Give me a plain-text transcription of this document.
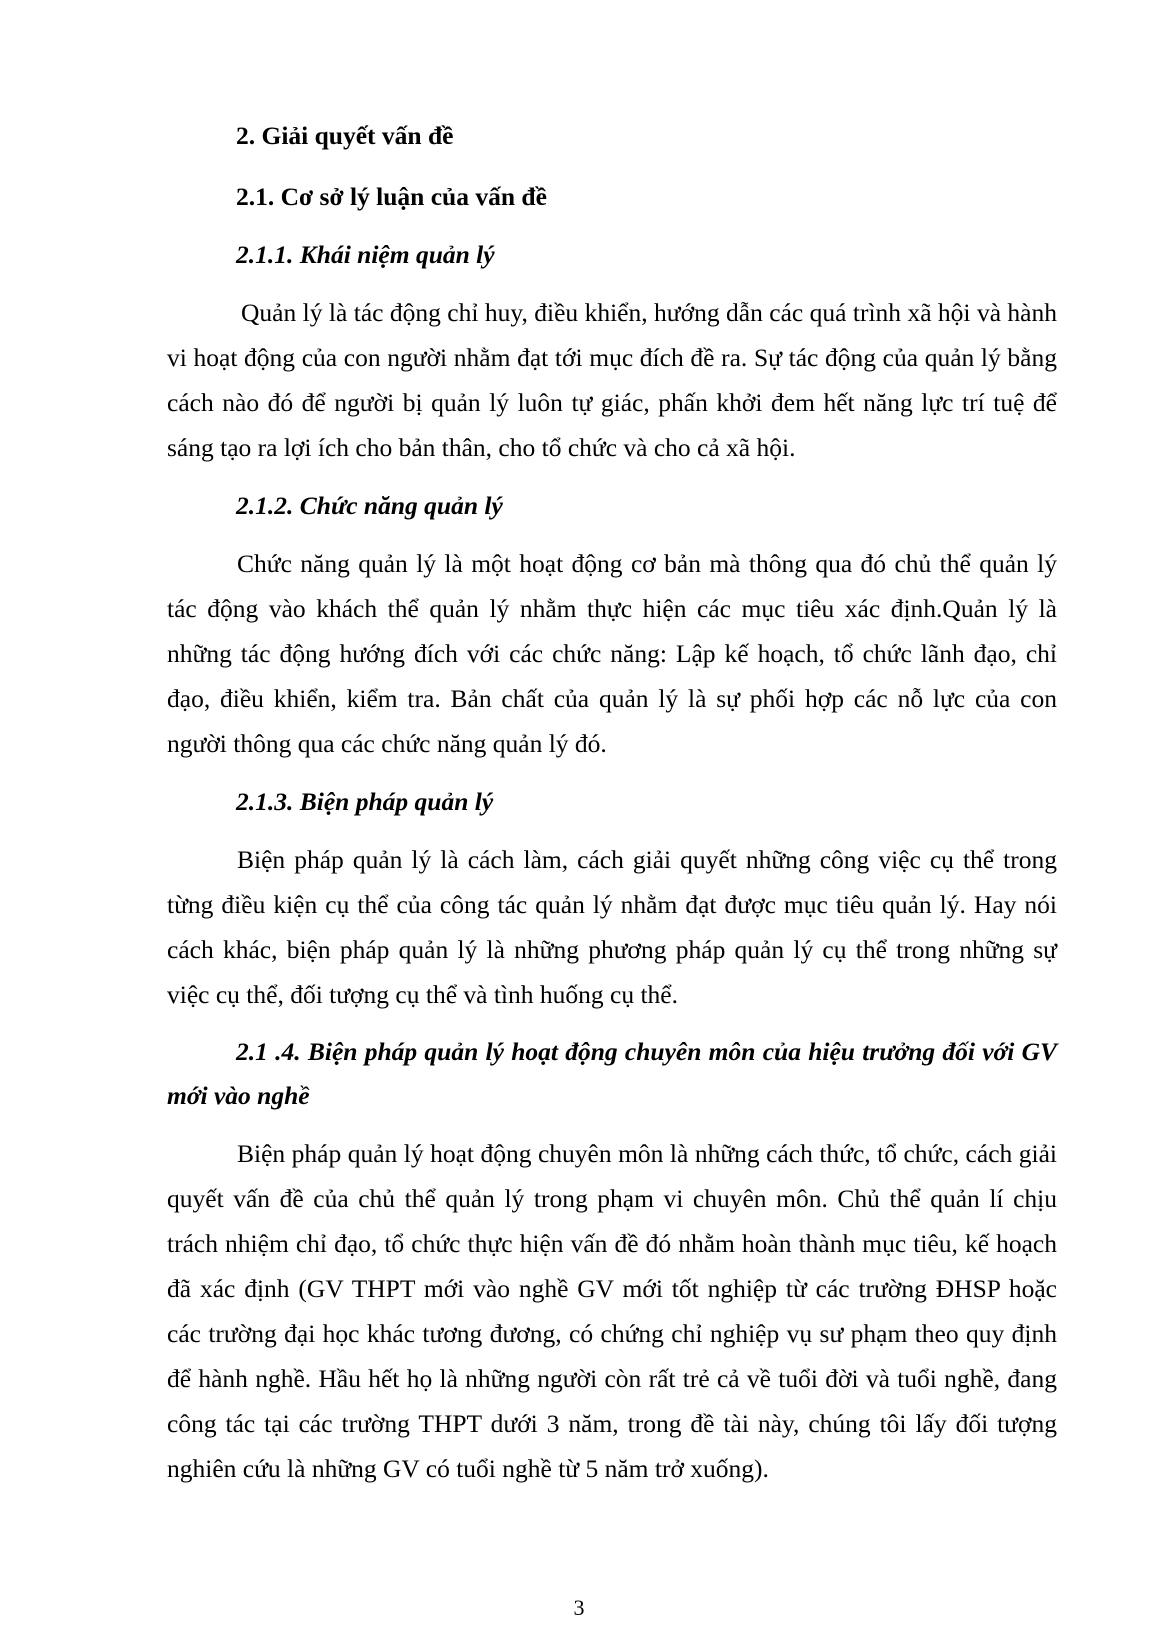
2. Giải quyết vấn đề
2.1. Cơ sở lý luận của vấn đề
2.1.1. Khái niệm quản lý
Quản lý là tác động chỉ huy, điều khiển, hướng dẫn các quá trình xã hội và hành vi hoạt động của con người nhằm đạt tới mục đích đề ra. Sự tác động của quản lý bằng cách nào đó để người bị quản lý luôn tự giác, phấn khởi đem hết năng lực trí tuệ để sáng tạo ra lợi ích cho bản thân, cho tổ chức và cho cả xã hội.
2.1.2. Chức năng quản lý
Chức năng quản lý là một hoạt động cơ bản mà thông qua đó chủ thể quản lý tác động vào khách thể quản lý nhằm thực hiện các mục tiêu xác định.Quản lý là những tác động hướng đích với các chức năng: Lập kế hoạch, tổ chức lãnh đạo, chỉ đạo, điều khiển, kiểm tra. Bản chất của quản lý là sự phối hợp các nỗ lực của con người thông qua các chức năng quản lý đó.
2.1.3. Biện pháp quản lý
Biện pháp quản lý là cách làm, cách giải quyết những công việc cụ thể trong từng điều kiện cụ thể của công tác quản lý nhằm đạt được mục tiêu quản lý. Hay nói cách khác, biện pháp quản lý là những phương pháp quản lý cụ thể trong những sự việc cụ thể, đối tượng cụ thể và tình huống cụ thể.
2.1 .4. Biện pháp quản lý hoạt động chuyên môn của hiệu trưởng đối với GV mới vào nghề
Biện pháp quản lý hoạt động chuyên môn là những cách thức, tổ chức, cách giải quyết vấn đề của chủ thể quản lý trong phạm vi chuyên môn. Chủ thể quản lí chịu trách nhiệm chỉ đạo, tổ chức thực hiện vấn đề đó nhằm hoàn thành mục tiêu, kế hoạch đã xác định (GV THPT mới vào nghề GV mới tốt nghiệp từ các trường ĐHSP hoặc các trường đại học khác tương đương, có chứng chỉ nghiệp vụ sư phạm theo quy định để hành nghề. Hầu hết họ là những người còn rất trẻ cả về tuổi đời và tuổi nghề, đang công tác tại các trường THPT dưới 3 năm, trong đề tài này, chúng tôi lấy đối tượng nghiên cứu là những GV có tuổi nghề từ 5 năm trở xuống).
3
